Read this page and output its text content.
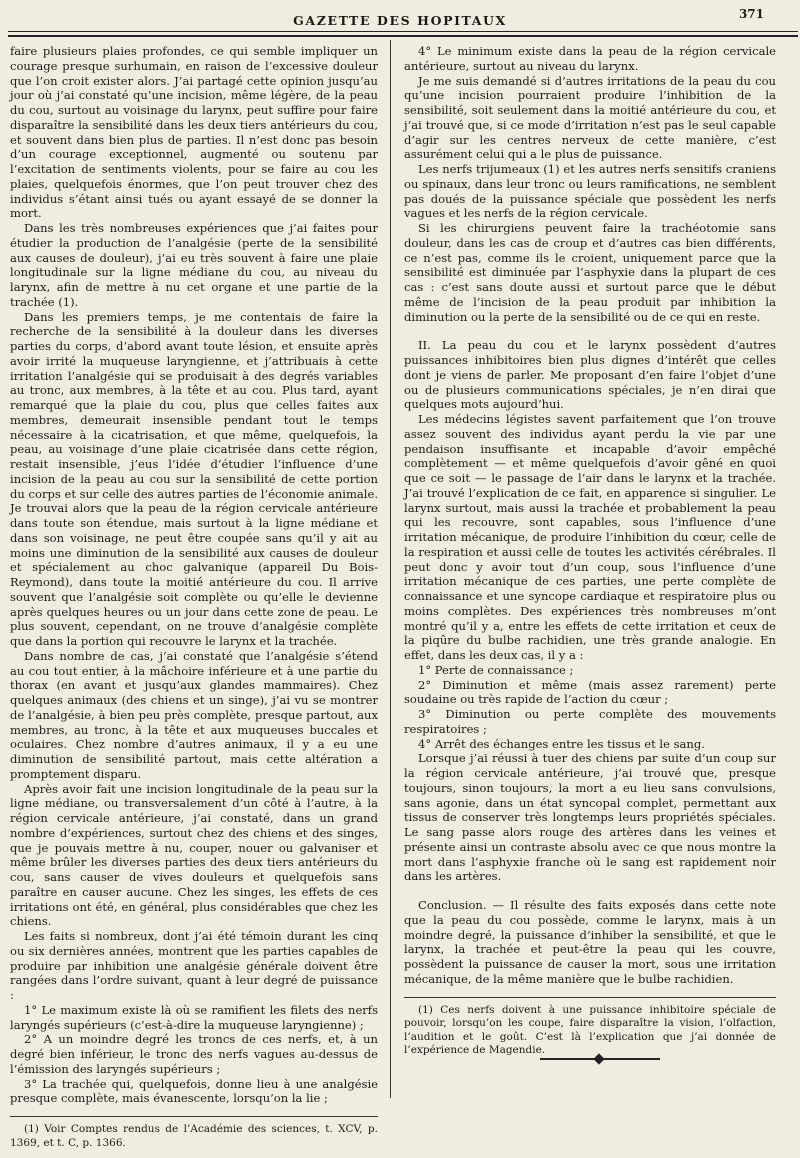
GAZETTE DES HOPITAUX	371

faire plusieurs plaies profondes, ce qui semble impliquer un courage presque surhumain, en raison de l’excessive douleur que l’on croit exister alors. J’ai partagé cette opinion jusqu’au jour où j’ai constaté qu’une incision, même légère, de la peau du cou, surtout au voisinage du larynx, peut suffire pour faire disparaître la sensibilité dans les deux tiers antérieurs du cou, et souvent dans bien plus de parties. Il n’est donc pas besoin d’un courage exceptionnel, augmenté ou soutenu par l’excitation de sentiments violents, pour se faire au cou les plaies, quelquefois énormes, que l’on peut trouver chez des individus s’étant ainsi tués ou ayant essayé de se donner la mort.

Dans les très nombreuses expériences que j’ai faites pour étudier la production de l’analgésie (perte de la sensibilité aux causes de douleur), j’ai eu très souvent à faire une plaie longitudinale sur la ligne médiane du cou, au niveau du larynx, afin de mettre à nu cet organe et une partie de la trachée (1).

Dans les premiers temps, je me contentais de faire la recherche de la sensibilité à la douleur dans les diverses parties du corps, d’abord avant toute lésion, et ensuite après avoir irrité la muqueuse laryngienne, et j’attribuais à cette irritation l’analgésie qui se produisait à des degrés variables au tronc, aux membres, à la tête et au cou. Plus tard, ayant remarqué que la plaie du cou, plus que celles faites aux membres, demeurait insensible pendant tout le temps nécessaire à la cicatrisation, et que même, quelquefois, la peau, au voisinage d’une plaie cicatrisée dans cette région, restait insensible, j’eus l’idée d’étudier l’influence d’une incision de la peau au cou sur la sensibilité de cette portion du corps et sur celle des autres parties de l’économie animale. Je trouvai alors que la peau de la région cervicale antérieure dans toute son étendue, mais surtout à la ligne médiane et dans son voisinage, ne peut être coupée sans qu’il y ait au moins une diminution de la sensibilité aux causes de douleur et spécialement au choc galvanique (appareil Du Bois-Reymond), dans toute la moitié antérieure du cou. Il arrive souvent que l’analgésie soit complète ou qu’elle le devienne après quelques heures ou un jour dans cette zone de peau. Le plus souvent, cependant, on ne trouve d’analgésie complète que dans la portion qui recouvre le larynx et la trachée.

Dans nombre de cas, j’ai constaté que l’analgésie s’étend au cou tout entier, à la mâchoire inférieure et à une partie du thorax (en avant et jusqu’aux glandes mammaires). Chez quelques animaux (des chiens et un singe), j’ai vu se montrer de l’analgésie, à bien peu près complète, presque partout, aux membres, au tronc, à la tête et aux muqueuses buccales et oculaires. Chez nombre d’autres animaux, il y a eu une diminution de sensibilité partout, mais cette altération a promptement disparu.

Après avoir fait une incision longitudinale de la peau sur la ligne médiane, ou transversalement d’un côté à l’autre, à la région cervicale antérieure, j’ai constaté, dans un grand nombre d’expériences, surtout chez des chiens et des singes, que je pouvais mettre à nu, couper, nouer ou galvaniser et même brûler les diverses parties des deux tiers antérieurs du cou, sans causer de vives douleurs et quelquefois sans paraître en causer aucune. Chez les singes, les effets de ces irritations ont été, en général, plus considérables que chez les chiens.

Les faits si nombreux, dont j’ai été témoin durant les cinq ou six dernières années, montrent que les parties capables de produire par inhibition une analgésie générale doivent être rangées dans l’ordre suivant, quant à leur degré de puissance :

1° Le maximum existe là où se ramifient les filets des nerfs laryngés supérieurs (c’est-à-dire la muqueuse laryngienne) ;

2° A un moindre degré les troncs de ces nerfs, et, à un degré bien inférieur, le tronc des nerfs vagues au-dessus de l’émission des laryngés supérieurs ;

3° La trachée qui, quelquefois, donne lieu à une analgésie presque complète, mais évanescente, lorsqu’on la lie ;

(1) Voir Comptes rendus de l’Académie des sciences, t. XCV, p. 1369, et t. C, p. 1366.

4° Le minimum existe dans la peau de la région cervicale antérieure, surtout au niveau du larynx.

Je me suis demandé si d’autres irritations de la peau du cou qu’une incision pourraient produire l’inhibition de la sensibilité, soit seulement dans la moitié antérieure du cou, et j’ai trouvé que, si ce mode d’irritation n’est pas le seul capable d’agir sur les centres nerveux de cette manière, c’est assurément celui qui a le plus de puissance.

Les nerfs trijumeaux (1) et les autres nerfs sensitifs craniens ou spinaux, dans leur tronc ou leurs ramifications, ne semblent pas doués de la puissance spéciale que possèdent les nerfs vagues et les nerfs de la région cervicale.

Si les chirurgiens peuvent faire la trachéotomie sans douleur, dans les cas de croup et d’autres cas bien différents, ce n’est pas, comme ils le croient, uniquement parce que la sensibilité est diminuée par l’asphyxie dans la plupart de ces cas : c’est sans doute aussi et surtout parce que le début même de l’incision de la peau produit par inhibition la diminution ou la perte de la sensibilité ou de ce qui en reste.

II. La peau du cou et le larynx possèdent d’autres puissances inhibitoires bien plus dignes d’intérêt que celles dont je viens de parler. Me proposant d’en faire l’objet d’une ou de plusieurs communications spéciales, je n’en dirai que quelques mots aujourd’hui.

Les médecins légistes savent parfaitement que l’on trouve assez souvent des individus ayant perdu la vie par une pendaison insuffisante et incapable d’avoir empêché complètement — et même quelquefois d’avoir gêné en quoi que ce soit — le passage de l’air dans le larynx et la trachée. J’ai trouvé l’explication de ce fait, en apparence si singulier. Le larynx surtout, mais aussi la trachée et probablement la peau qui les recouvre, sont capables, sous l’influence d’une irritation mécanique, de produire l’inhibition du cœur, celle de la respiration et aussi celle de toutes les activités cérébrales. Il peut donc y avoir tout d’un coup, sous l’influence d’une irritation mécanique de ces parties, une perte complète de connaissance et une syncope cardiaque et respiratoire plus ou moins complètes. Des expériences très nombreuses m’ont montré qu’il y a, entre les effets de cette irritation et ceux de la piqûre du bulbe rachidien, une très grande analogie. En effet, dans les deux cas, il y a :

1° Perte de connaissance ;

2° Diminution et même (mais assez rarement) perte soudaine ou très rapide de l’action du cœur ;

3° Diminution ou perte complète des mouvements respiratoires ;

4° Arrêt des échanges entre les tissus et le sang.

Lorsque j’ai réussi à tuer des chiens par suite d’un coup sur la région cervicale antérieure, j’ai trouvé que, presque toujours, sinon toujours, la mort a eu lieu sans convulsions, sans agonie, dans un état syncopal complet, permettant aux tissus de conserver très longtemps leurs propriétés spéciales. Le sang passe alors rouge des artères dans les veines et présente ainsi un contraste absolu avec ce que nous montre la mort dans l’asphyxie franche où le sang est rapidement noir dans les artères.

Conclusion. — Il résulte des faits exposés dans cette note que la peau du cou possède, comme le larynx, mais à un moindre degré, la puissance d’inhiber la sensibilité, et que le larynx, la trachée et peut-être la peau qui les couvre, possèdent la puissance de causer la mort, sous une irritation mécanique, de la même manière que le bulbe rachidien.

(1) Ces nerfs doivent à une puissance inhibitoire spéciale de pouvoir, lorsqu’on les coupe, faire disparaître la vision, l’olfaction, l’audition et le goût. C’est là l’explication que j’ai donnée de l’expérience de Magendie.
